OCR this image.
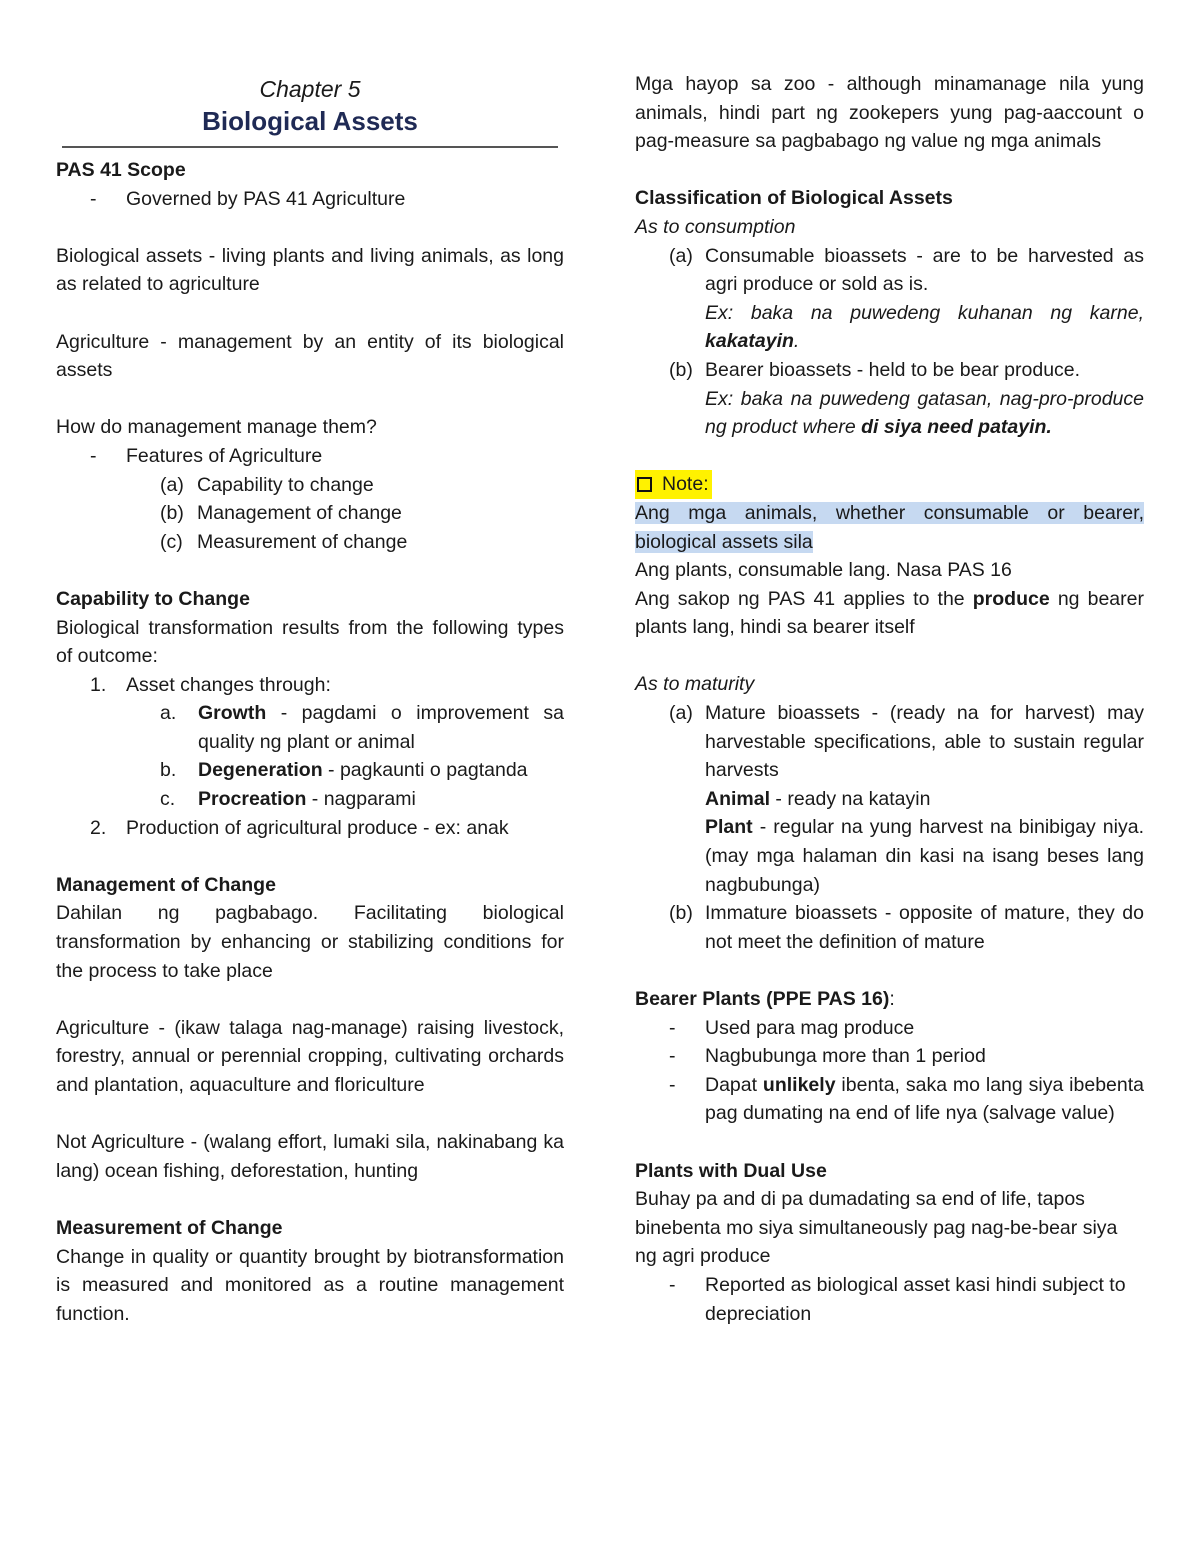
Chapter 5

Biological Assets

PAS 41 Scope

-	Governed by PAS 41 Agriculture

Biological assets - living plants and living animals, as long as related to agriculture

Agriculture - management by an entity of its biological assets

How do management manage them?

-	Features of Agriculture
(a) Capability to change
(b) Management of change
(c) Measurement of change

Capability to Change

Biological transformation results from the following types of outcome:

1.	Asset changes through:
a.	Growth - pagdami o improvement sa quality ng plant or animal
b.	Degeneration - pagkaunti o pagtanda
c.	Procreation - nagparami
2.	Production of agricultural produce - ex: anak

Management of Change

Dahilan ng pagbabago. Facilitating biological transformation by enhancing or stabilizing conditions for the process to take place

Agriculture - (ikaw talaga nag-manage) raising livestock, forestry, annual or perennial cropping, cultivating orchards and plantation, aquaculture and floriculture

Not Agriculture - (walang effort, lumaki sila, nakinabang ka lang) ocean fishing, deforestation, hunting

Measurement of Change

Change in quality or quantity brought by biotransformation is measured and monitored as a routine management function.

Mga hayop sa zoo - although minamanage nila yung animals, hindi part ng zookepers yung pag-aaccount o pag-measure sa pagbabago ng value ng mga animals

Classification of Biological Assets

As to consumption

(a) Consumable bioassets - are to be harvested as agri produce or sold as is.

Ex: baka na puwedeng kuhanan ng karne, kakatayin.

(b) Bearer bioassets - held to be bear produce.

Ex: baka na puwedeng gatasan, nag-pro-produce ng product where di siya need patayin.

Note:

Ang mga animals, whether consumable or bearer, biological assets sila

Ang plants, consumable lang. Nasa PAS 16

Ang sakop ng PAS 41 applies to the produce ng bearer plants lang, hindi sa bearer itself

As to maturity

(a) Mature bioassets - (ready na for harvest) may harvestable specifications, able to sustain regular harvests

Animal - ready na katayin

Plant - regular na yung harvest na binibigay niya. (may mga halaman din kasi na isang beses lang nagbubunga)

(b) Immature bioassets - opposite of mature, they do not meet the definition of mature

Bearer Plants (PPE PAS 16):

-	Used para mag produce
-	Nagbubunga more than 1 period
-	Dapat unlikely ibenta, saka mo lang siya ibebenta pag dumating na end of life nya (salvage value)

Plants with Dual Use

Buhay pa and di pa dumadating sa end of life, tapos binebenta mo siya simultaneously pag nag-be-bear siya ng agri produce

-	Reported as biological asset kasi hindi subject to depreciation
